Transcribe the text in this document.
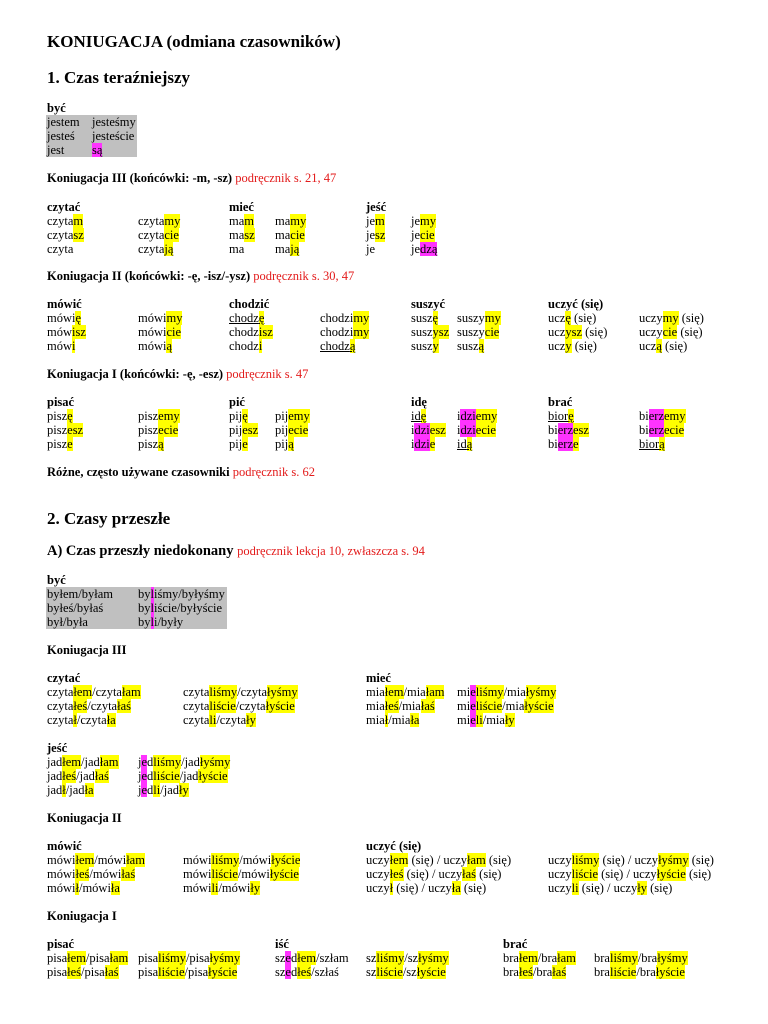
KONIUGACJA (odmiana czasowników)
1. Czas teraźniejszy
być
jestem jesteśmy
jesteś jesteście
jest są
Koniugacja III (końcówki: -m, -sz) podręcznik s. 21, 47
czytać	mieć	jeść
czytam	czytamy	mam mamy	jem jemy
czytasz	czytacie	masz macie	jesz jecie
czyta	czytają	ma mają	je	jedzą
Koniugacja II (końcówki: -ę, -isz/-ysz) podręcznik s. 30, 47
mówić	chodzić	suszyć	uczyć (się)
mówię	mówimy	chodzę	chodzimy	suszę suszymy	uczę (się)	uczymy (się)
mówisz	mówicie	chodzisz	chodzimy	suszysz suszycie	uczysz (się)	uczycie (się)
mówi	mówią	chodzi	chodzą	suszy suszą	uczy (się)	uczą (się)
Koniugacja I (końcówki: -ę, -esz) podręcznik s. 47
pisać	pić	idę	brać
piszę	piszemy	piję pijemy	idę idziemy	biorę	bierzemy
piszesz	piszecie	pijesz pijecie	idziesz idziecie	bierzesz	bierzecie
pisze	piszą	pije piją	idzie idą	bierze	biorą
Różne, często używane czasowniki podręcznik s. 62
2. Czasy przeszłe
A) Czas przeszły niedokonany podręcznik lekcja 10, zwłaszcza s. 94
być
byłem/byłam byliśmy/byłyśmy
byłeś/byłaś	byliście/byłyście
był/była	byli/były
Koniugacja III
czytać	mieć
czytałem/czytałam	czytaliśmy/czytałyśmy	miałem/miałam mieliśmy/miałyśmy
czytałeś/czytałaś	czytaliście/czytałyście	miałeś/miałaś mieliście/miałyście
czytał/czytała	czytali/czytały	miał/miała	mieli/miały
jeść
jadłem/jadłam jedliśmy/jadłyśmy
jadłeś/jadłaś jedliście/jadłyście
jadł/jadła	jedli/jadły
Koniugacja II
mówić	uczyć (się)
mówiłem/mówiłam	mówiliśmy/mówiłyście	uczyłem (się) / uczyłam (się)	uczyliśmy (się) / uczyłyśmy (się)
mówiłeś/mówiłaś	mówiliście/mówiłyście	uczyłeś (się) / uczyłaś (się)	uczyliście (się) / uczyłyście (się)
mówił/mówiła	mówili/mówiły	uczył (się) / uczyła (się)	uczyli (się) / uczyły (się)
Koniugacja I
pisać	iść	brać
pisałem/pisałam pisaliśmy/pisałyśmy	szedłem/szłam szliśmy/szłyśmy	brałem/brałam braliśmy/brałyśmy
pisałeś/pisałaś pisaliście/pisałyście	szedłeś/szłaś szliście/szłyście	brałeś/brałaś braliście/brałyście
